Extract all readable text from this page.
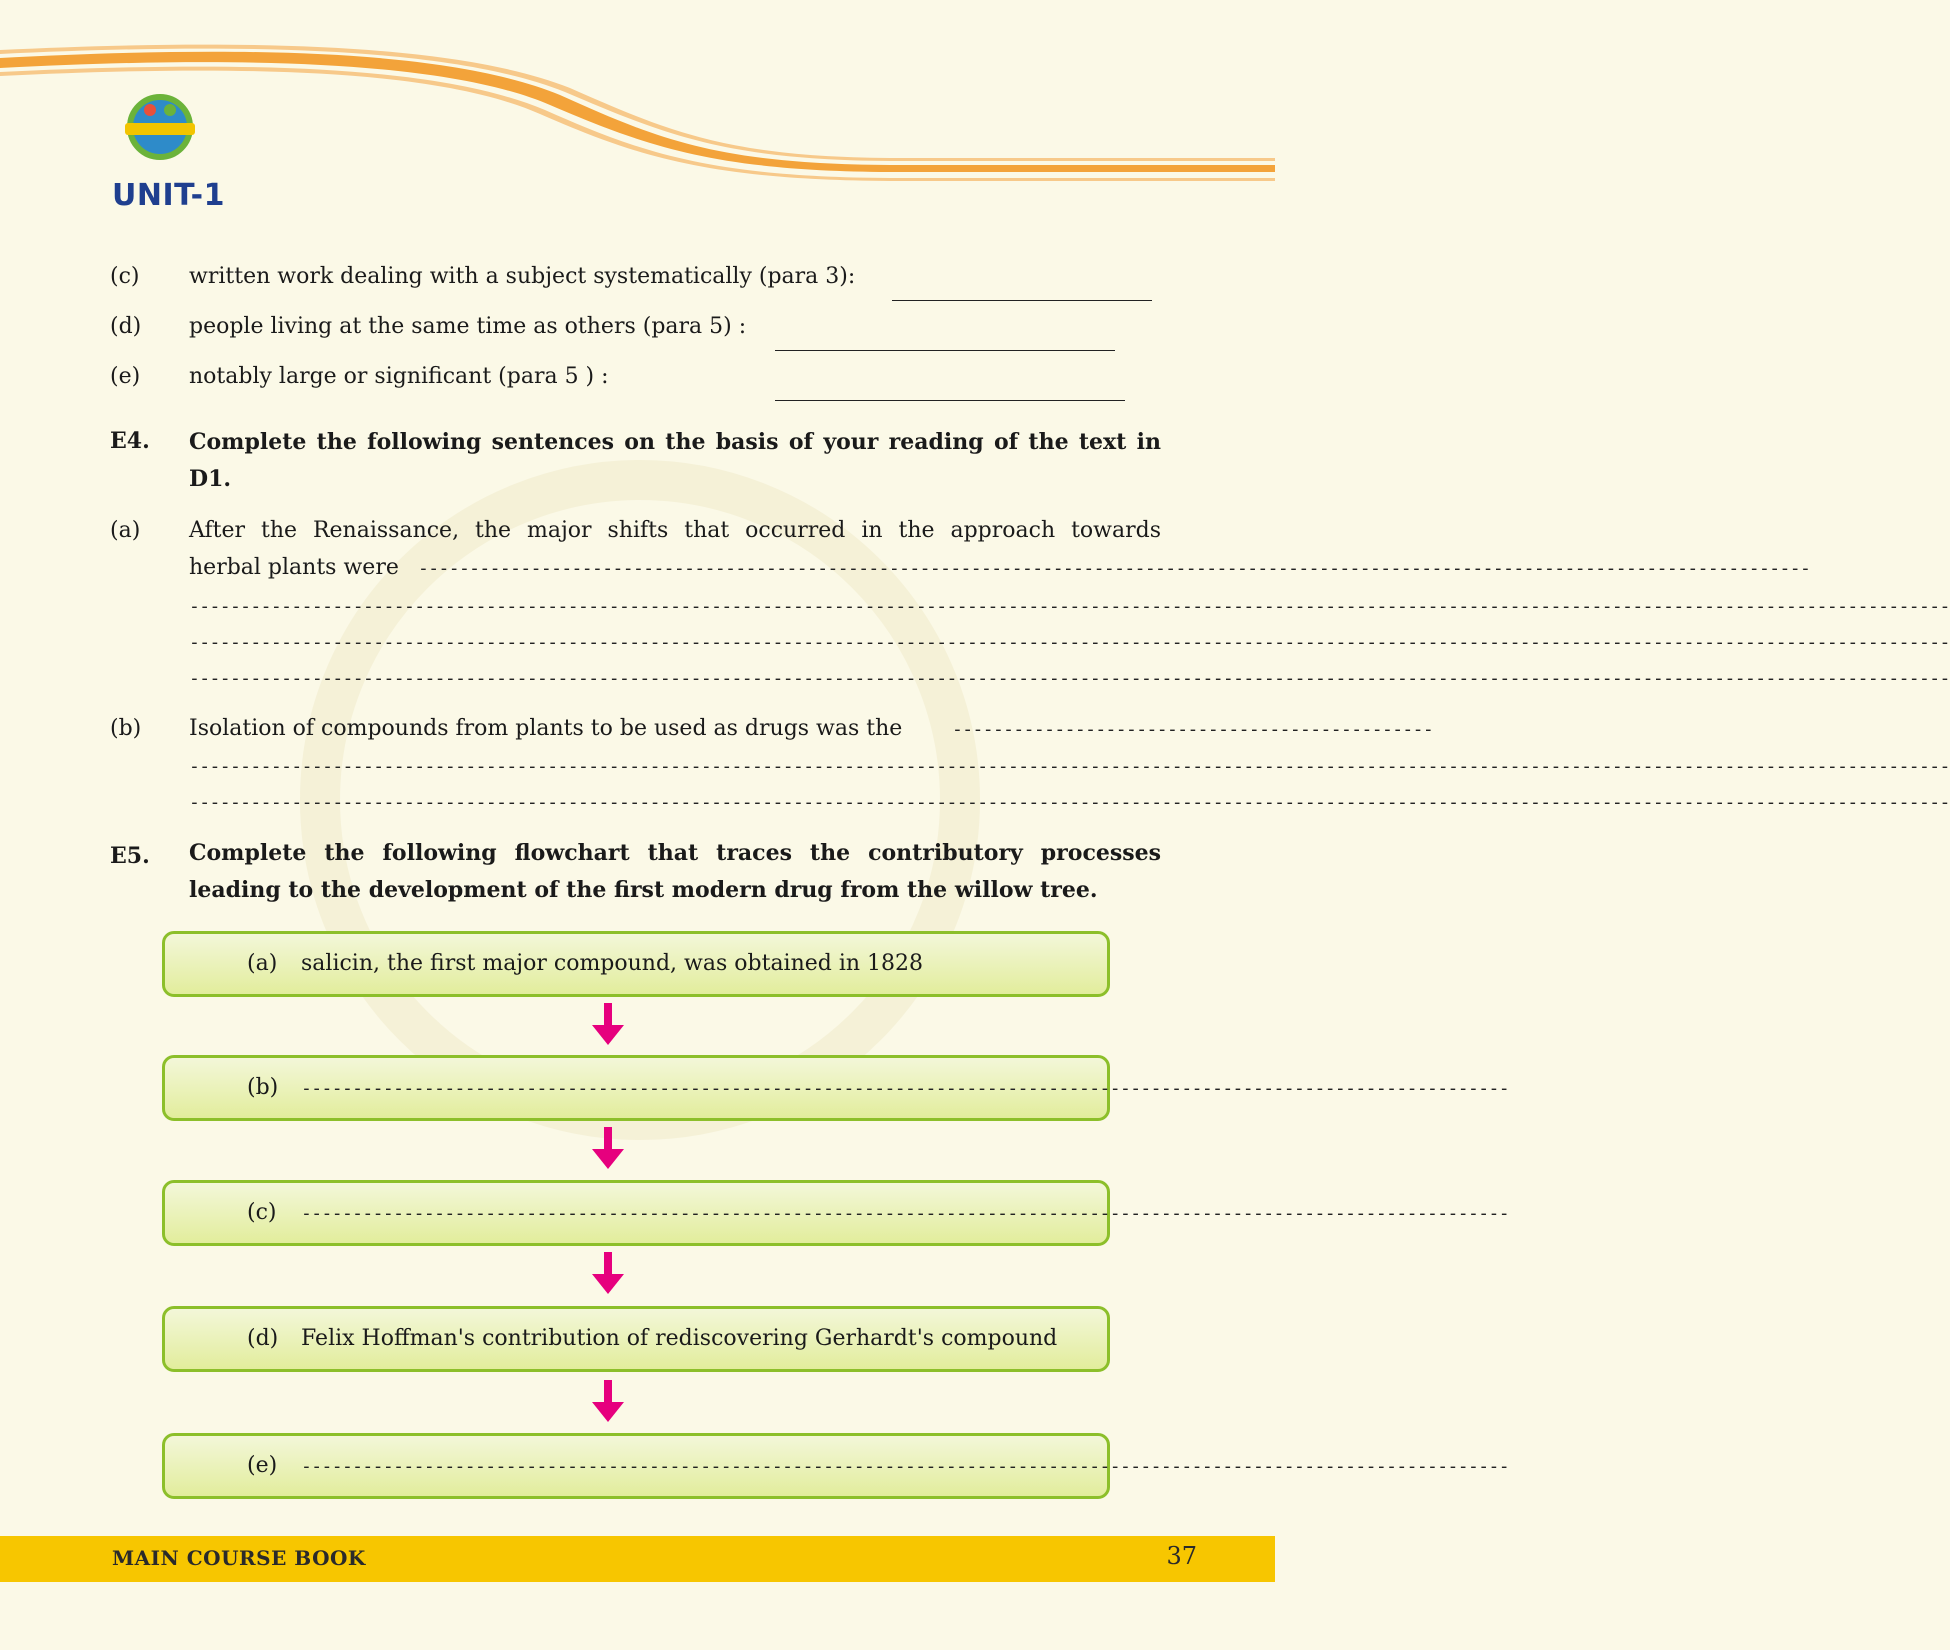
UNIT-1
(c)	written work dealing with a subject systematically (para 3):
(d)	people living at the same time as others (para 5) :
(e)	notably large or significant (para 5 ) :
E4. Complete the following sentences on the basis of your reading of the text in D1.
(a)	After the Renaissance, the major shifts that occurred in the approach towards
herbal plants were ----------------------------------------------------------------------------------------------------------------------------------------
----------------------------------------------------------------------------------------------------------------------------------------------------------------------------
----------------------------------------------------------------------------------------------------------------------------------------------------------------------------
----------------------------------------------------------------------------------------------------------------------------------------------------------------------------
(b)	Isolation of compounds from plants to be used as drugs was the	-----------------------------------------------
----------------------------------------------------------------------------------------------------------------------------------------------------------------------------
----------------------------------------------------------------------------------------------------------------------------------------------------------------------------
E5. Complete the following flowchart that traces the contributory processes leading to the development of the first modern drug from the willow tree.
(a) salicin, the first major compound, was obtained in 1828
(b) ----------------------------------------------------------------------------------------------------------------------
(c) ----------------------------------------------------------------------------------------------------------------------
(d) Felix Hoffman's contribution of rediscovering Gerhardt's compound
(e) ----------------------------------------------------------------------------------------------------------------------
MAIN COURSE BOOK	37
